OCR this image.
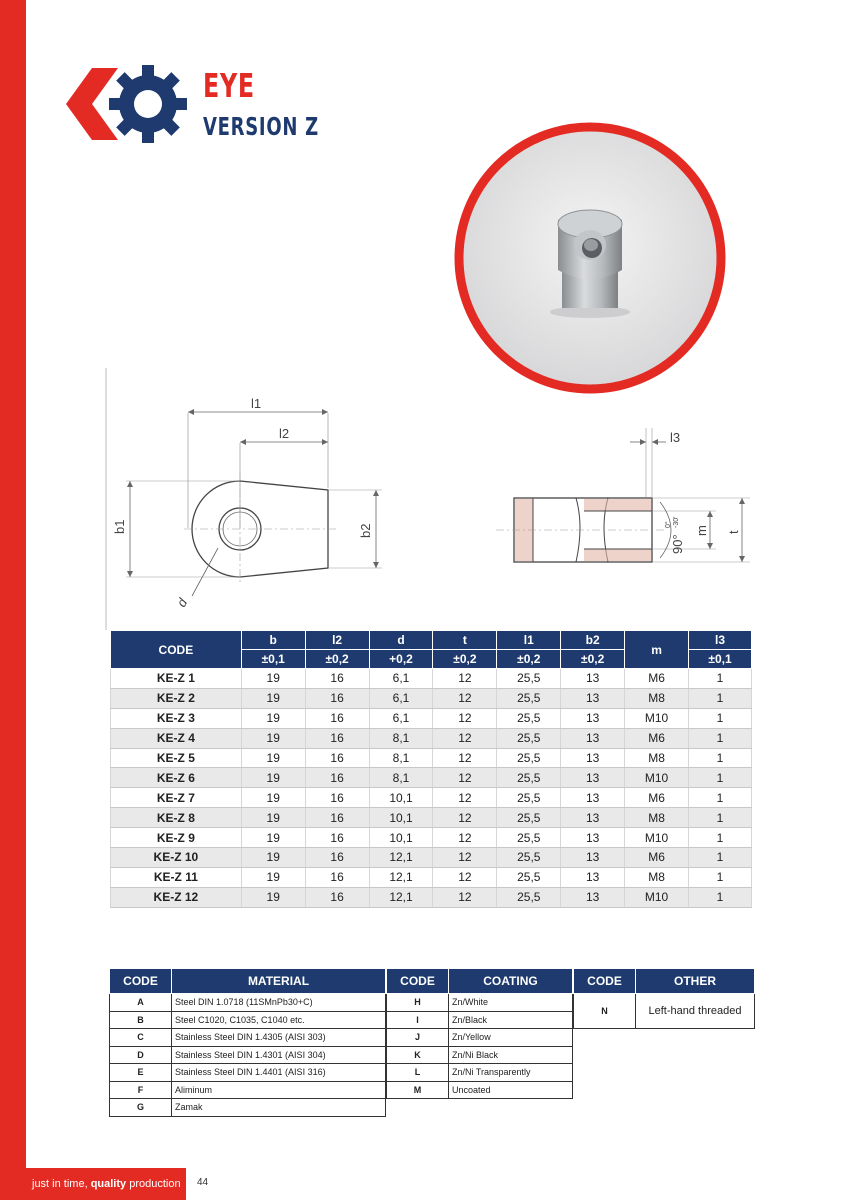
EYE
VERSION Z
l1
l2
b1	b2
d
l3
m t
90°
0° -30'
CODE	b	l2	d	t	l1	b2	m	l3
	±0,1	±0,2	+0,2	±0,2	±0,2	±0,2		±0,1
KE-Z 1	19	16	6,1	12	25,5	13	M6	1
KE-Z 2	19	16	6,1	12	25,5	13	M8	1
KE-Z 3	19	16	6,1	12	25,5	13	M10	1
KE-Z 4	19	16	8,1	12	25,5	13	M6	1
KE-Z 5	19	16	8,1	12	25,5	13	M8	1
KE-Z 6	19	16	8,1	12	25,5	13	M10	1
KE-Z 7	19	16	10,1	12	25,5	13	M6	1
KE-Z 8	19	16	10,1	12	25,5	13	M8	1
KE-Z 9	19	16	10,1	12	25,5	13	M10	1
KE-Z 10	19	16	12,1	12	25,5	13	M6	1
KE-Z 11	19	16	12,1	12	25,5	13	M8	1
KE-Z 12	19	16	12,1	12	25,5	13	M10	1
CODE	MATERIAL
A	Steel DIN 1.0718 (11SMnPb30+C)
B	Steel C1020, C1035, C1040 etc.
C	Stainless Steel DIN 1.4305 (AISI 303)
D	Stainless Steel DIN 1.4301 (AISI 304)
E	Stainless Steel DIN 1.4401 (AISI 316)
F	Aliminum
G	Zamak
CODE	COATING
H	Zn/White
I	Zn/Black
J	Zn/Yellow
K	Zn/Ni Black
L	Zn/Ni Transparently
M	Uncoated
CODE	OTHER
N	Left-hand threaded
just in time, quality production	44
